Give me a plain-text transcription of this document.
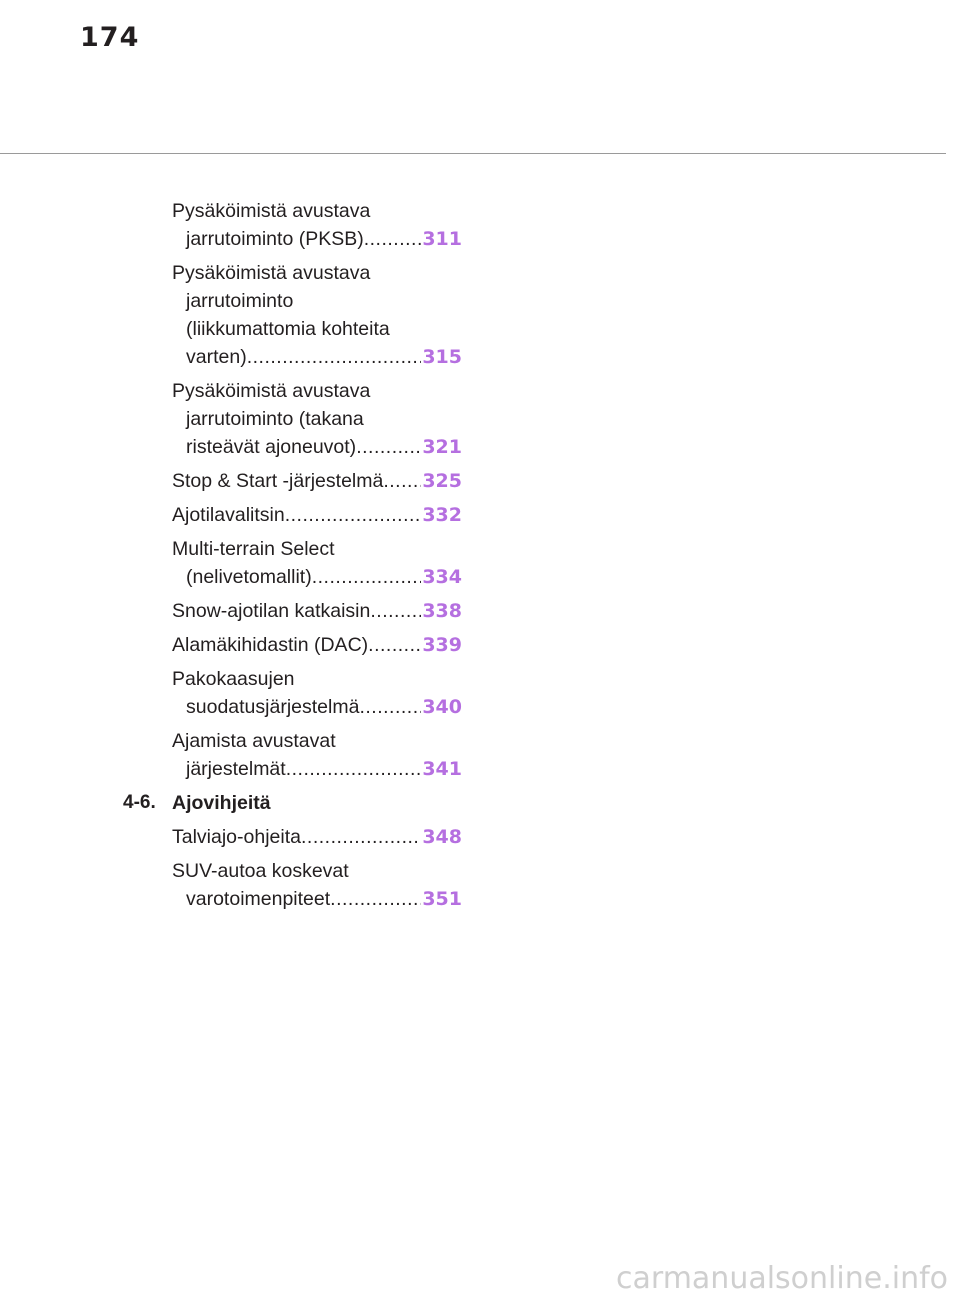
174
Pysäköimistä avustava
jarrutoiminto (PKSB) .....	311
Pysäköimistä avustava
jarrutoiminto
(liikkumattomia kohteita
varten) .....	315
Pysäköimistä avustava
jarrutoiminto (takana
risteävät ajoneuvot) .....	321
Stop & Start -järjestelmä ..... 325
Ajotilavalitsin .....	332
Multi-terrain Select
(nelivetomallit) .....	334
Snow-ajotilan katkaisin .....	338
Alamäkihidastin (DAC) .....	339
Pakokaasujen
suodatusjärjestelmä .....	340
Ajamista avustavat
järjestelmät .....	341
4-6. Ajovihjeitä
Talviajo-ohjeita .....	348
SUV-autoa koskevat
varotoimenpiteet .....	351
carmanualsonline.info
